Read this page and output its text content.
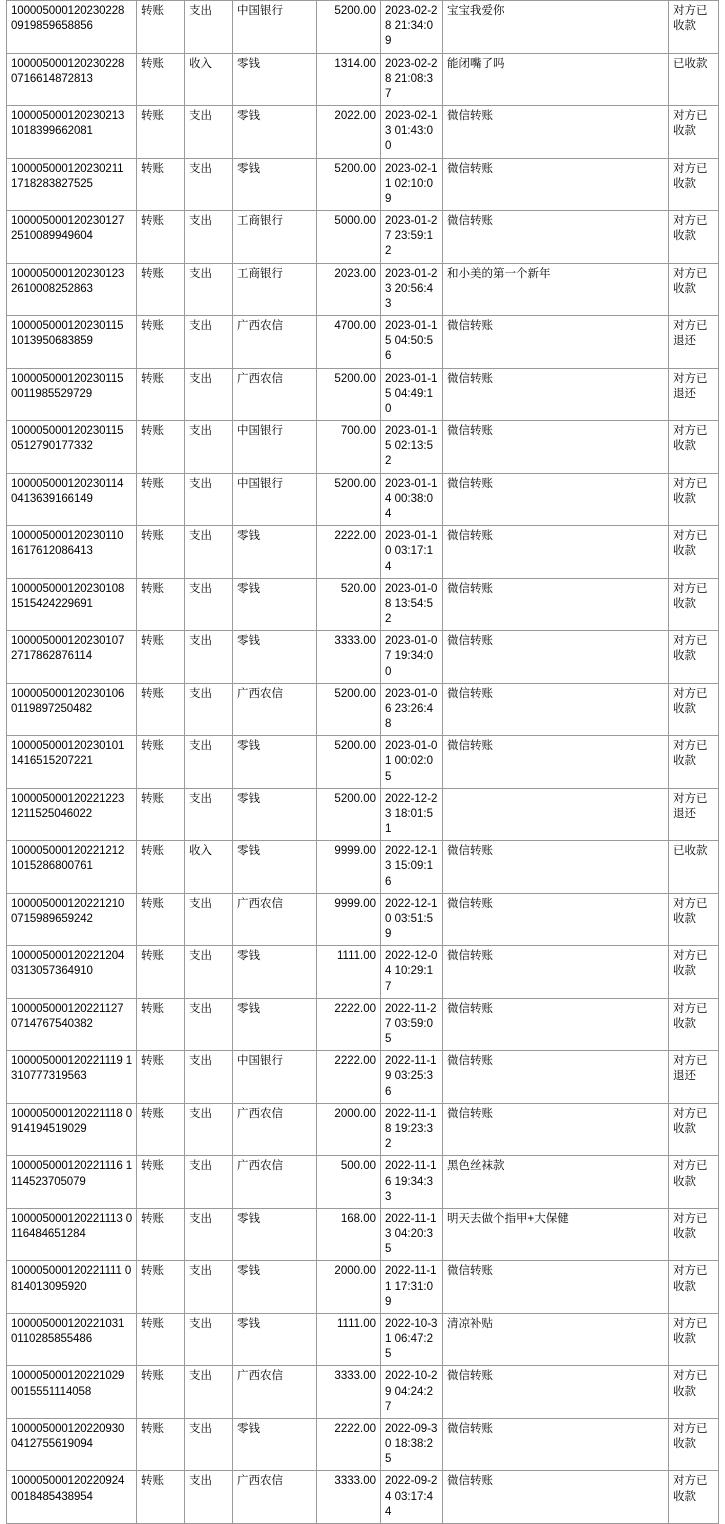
100005000120230228 0919859658856	转账	支出	中国银行	5200.00	2023-02-28 21:34:09	宝宝我爱你	对方已收款
100005000120230228 0716614872813	转账	收入	零钱	1314.00	2023-02-28 21:08:37	能闭嘴了吗	已收款
100005000120230213 1018399662081	转账	支出	零钱	2022.00	2023-02-13 01:43:00	微信转账	对方已收款
100005000120230211 1718283827525	转账	支出	零钱	5200.00	2023-02-11 02:10:09	微信转账	对方已收款
100005000120230127 2510089949604	转账	支出	工商银行	5000.00	2023-01-27 23:59:12	微信转账	对方已收款
100005000120230123 2610008252863	转账	支出	工商银行	2023.00	2023-01-23 20:56:43	和小美的第一个新年	对方已收款
100005000120230115 1013950683859	转账	支出	广西农信	4700.00	2023-01-15 04:50:56	微信转账	对方已退还
100005000120230115 0011985529729	转账	支出	广西农信	5200.00	2023-01-15 04:49:10	微信转账	对方已退还
100005000120230115 0512790177332	转账	支出	中国银行	700.00	2023-01-15 02:13:52	微信转账	对方已收款
100005000120230114 0413639166149	转账	支出	中国银行	5200.00	2023-01-14 00:38:04	微信转账	对方已收款
100005000120230110 1617612086413	转账	支出	零钱	2222.00	2023-01-10 03:17:14	微信转账	对方已收款
100005000120230108 1515424229691	转账	支出	零钱	520.00	2023-01-08 13:54:52	微信转账	对方已收款
100005000120230107 2717862876114	转账	支出	零钱	3333.00	2023-01-07 19:34:00	微信转账	对方已收款
100005000120230106 0119897250482	转账	支出	广西农信	5200.00	2023-01-06 23:26:48	微信转账	对方已收款
100005000120230101 1416515207221	转账	支出	零钱	5200.00	2023-01-01 00:02:05	微信转账	对方已收款
100005000120221223 1211525046022	转账	支出	零钱	5200.00	2022-12-23 18:01:51		对方已退还
100005000120221212 1015286800761	转账	收入	零钱	9999.00	2022-12-13 15:09:16	微信转账	已收款
100005000120221210 0715989659242	转账	支出	广西农信	9999.00	2022-12-10 03:51:59	微信转账	对方已收款
100005000120221204 0313057364910	转账	支出	零钱	1111.00	2022-12-04 10:29:17	微信转账	对方已收款
100005000120221127 0714767540382	转账	支出	零钱	2222.00	2022-11-27 03:59:05	微信转账	对方已收款
100005000120221119 1310777319563	转账	支出	中国银行	2222.00	2022-11-19 03:25:36	微信转账	对方已退还
100005000120221118 0914194519029	转账	支出	广西农信	2000.00	2022-11-18 19:23:32	微信转账	对方已收款
100005000120221116 1114523705079	转账	支出	广西农信	500.00	2022-11-16 19:34:33	黑色丝袜款	对方已收款
100005000120221113 0116484651284	转账	支出	零钱	168.00	2022-11-13 04:20:35	明天去做个指甲+大保健	对方已收款
100005000120221111 0814013095920	转账	支出	零钱	2000.00	2022-11-11 17:31:09	微信转账	对方已收款
100005000120221031 0110285855486	转账	支出	零钱	1111.00	2022-10-31 06:47:25	清凉补贴	对方已收款
100005000120221029 0015551114058	转账	支出	广西农信	3333.00	2022-10-29 04:24:27	微信转账	对方已收款
100005000120220930 0412755619094	转账	支出	零钱	2222.00	2022-09-30 18:38:25	微信转账	对方已收款
100005000120220924 0018485438954	转账	支出	广西农信	3333.00	2022-09-24 03:17:44	微信转账	对方已收款
